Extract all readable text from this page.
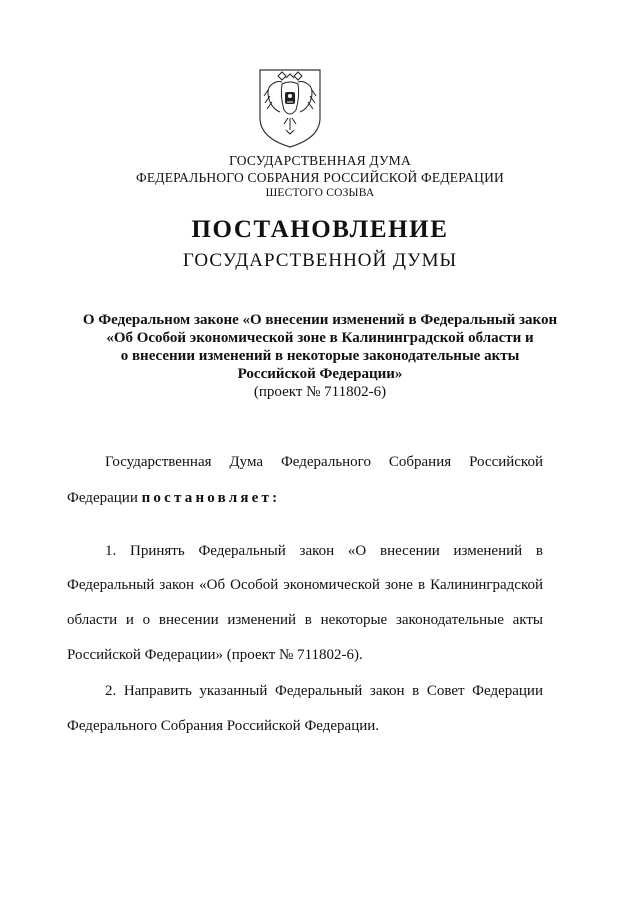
ГОСУДАРСТВЕННАЯ ДУМА
ФЕДЕРАЛЬНОГО СОБРАНИЯ РОССИЙСКОЙ ФЕДЕРАЦИИ
ШЕСТОГО СОЗЫВА
ПОСТАНОВЛЕНИЕ
ГОСУДАРСТВЕННОЙ ДУМЫ
О Федеральном законе «О внесении изменений в Федеральный закон
«Об Особой экономической зоне в Калининградской области и
о внесении изменений в некоторые законодательные акты
Российской Федерации»
(проект № 711802-6)
Государственная Дума Федерального Собрания Российской
Федерации постановляет:
1. Принять Федеральный закон «О внесении изменений в
Федеральный закон «Об Особой экономической зоне в Калининградской
области и о внесении изменений в некоторые законодательные акты
Российской Федерации» (проект № 711802-6).
2. Направить указанный Федеральный закон в Совет Федерации
Федерального Собрания Российской Федерации.
